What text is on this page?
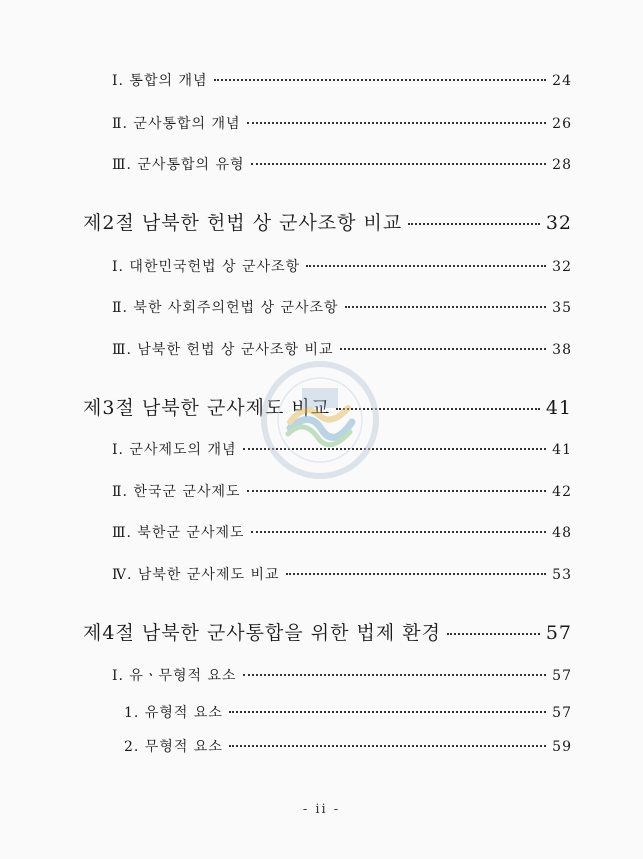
Ⅰ. 통합의 개념	24
Ⅱ. 군사통합의 개념	26
Ⅲ. 군사통합의 유형	28
제2절 남북한 헌법 상 군사조항 비교	32
Ⅰ. 대한민국헌법 상 군사조항	32
Ⅱ. 북한 사회주의헌법 상 군사조항	35
Ⅲ. 남북한 헌법 상 군사조항 비교	38
제3절 남북한 군사제도 비교	41
Ⅰ. 군사제도의 개념	41
Ⅱ. 한국군 군사제도	42
Ⅲ. 북한군 군사제도	48
Ⅳ. 남북한 군사제도 비교	53
제4절 남북한 군사통합을 위한 법제 환경	57
Ⅰ. 유ㆍ무형적 요소	57
1. 유형적 요소	57
2. 무형적 요소	59
- ii -
